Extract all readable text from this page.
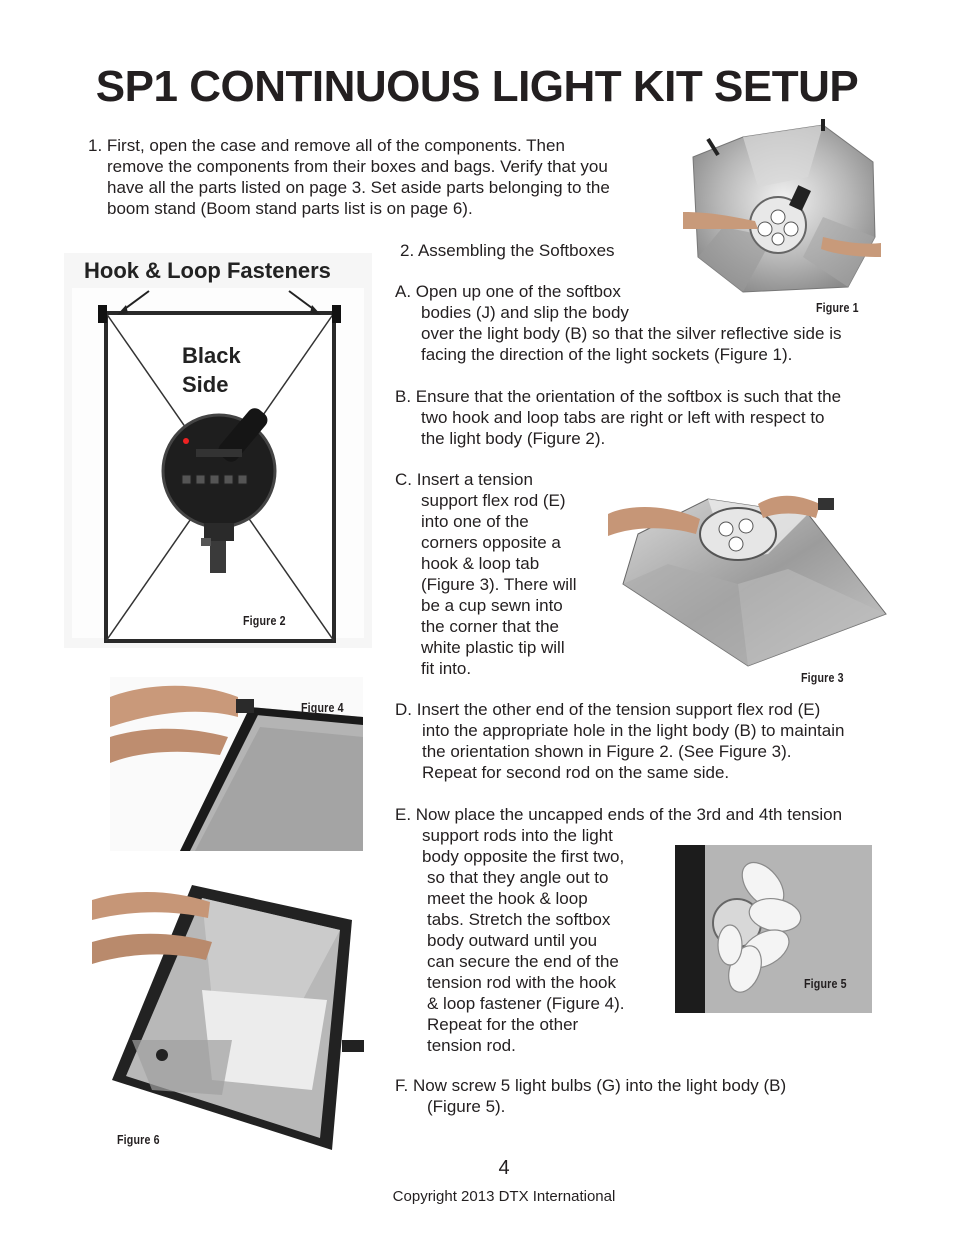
SP1 CONTINUOUS LIGHT KIT SETUP
1. First, open the case and remove all of the components. Then
remove the components from their boxes and bags. Verify that you
have all the parts listed on page 3. Set aside parts belonging to the
boom stand (Boom stand parts list is on page 6).
Figure 1
2. Assembling the Softboxes
A. Open up one of the softbox
bodies (J) and slip the body
over the light body (B) so that the silver reflective side is
facing the direction of the light sockets (Figure 1).
B. Ensure that the orientation of the softbox is such that the
two hook and loop tabs are right or left with respect to
the light body (Figure 2).
Hook & Loop Fasteners
Black
Side
Figure 2
C. Insert a tension
support flex rod (E)
into one of the
corners opposite a
hook & loop tab
(Figure 3). There will
be a cup sewn into
the corner that the
white plastic tip will
fit into.	Figure 3
Figure 4	D. Insert the other end of the tension support flex rod (E)
into the appropriate hole in the light body (B) to maintain
the orientation shown in Figure 2. (See Figure 3).
Repeat for second rod on the same side.
E. Now place the uncapped ends of the 3rd and 4th tension
support rods into the light
body opposite the first two,
so that they angle out to
meet the hook & loop
tabs. Stretch the softbox
body outward until you
can secure the end of the
tension rod with the hook
& loop fastener (Figure 4).
Repeat for the other
tension rod.
Figure 5
Figure 6
F. Now screw 5 light bulbs (G) into the light body (B)
(Figure 5).
4
Copyright 2013 DTX International
